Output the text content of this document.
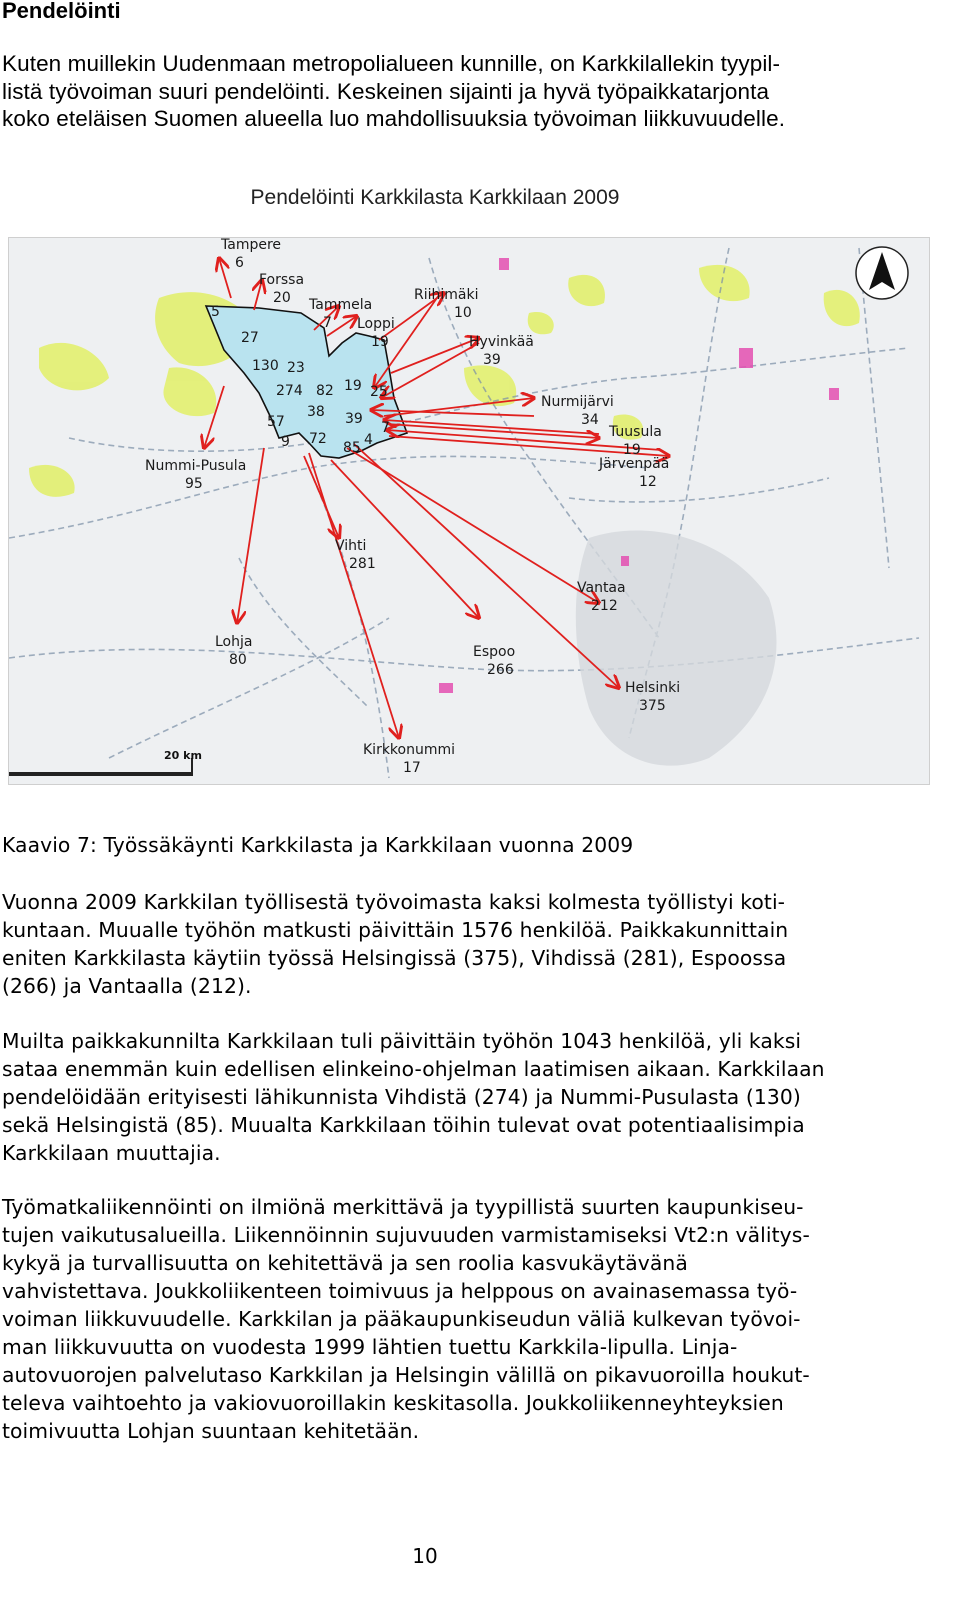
Pendelöinti

Kuten muillekin Uudenmaan metropolialueen kunnille, on Karkkilallekin tyypil-
listä työvoiman suuri pendelöinti. Keskeinen sijainti ja hyvä työpaikkatarjonta
koko eteläisen Suomen alueella luo mahdollisuuksia työvoiman liikkuvuudelle.

Pendelöinti Karkkilasta Karkkilaan 2009
Tampere
6
Forssa
20 Tammela
7 Loppi
19
Riihimäki
10
Hyvinkää
39
Nurmijärvi
34
Tuusula
19
Järvenpää
12
Nummi-Pusula
95
Vihti
281
Lohja
80	Espoo
266
Vantaa
212
Helsinki
375
Kirkkonummi
17
5
27
130 23
274 82 19 25
38 39
7
57
9 72
85 4
20 km

Kaavio 7: Työssäkäynti Karkkilasta ja Karkkilaan vuonna 2009

Vuonna 2009 Karkkilan työllisestä työvoimasta kaksi kolmesta työllistyi koti-
kuntaan. Muualle työhön matkusti päivittäin 1576 henkilöä. Paikkakunnittain
eniten Karkkilasta käytiin työssä Helsingissä (375), Vihdissä (281), Espoossa
(266) ja Vantaalla (212).

Muilta paikkakunnilta Karkkilaan tuli päivittäin työhön 1043 henkilöä, yli kaksi
sataa enemmän kuin edellisen elinkeino-ohjelman laatimisen aikaan. Karkkilaan
pendelöidään erityisesti lähikunnista Vihdistä (274) ja Nummi-Pusulasta (130)
sekä Helsingistä (85). Muualta Karkkilaan töihin tulevat ovat potentiaalisimpia
Karkkilaan muuttajia.

Työmatkaliikennöinti on ilmiönä merkittävä ja tyypillistä suurten kaupunkiseu-
tujen vaikutusalueilla. Liikennöinnin sujuvuuden varmistamiseksi Vt2:n välitys-
kykyä ja turvallisuutta on kehitettävä ja sen roolia kasvukäytävänä
vahvistettava. Joukkoliikenteen toimivuus ja helppous on avainasemassa työ-
voiman liikkuvuudelle. Karkkilan ja pääkaupunkiseudun väliä kulkevan työvoi-
man liikkuvuutta on vuodesta 1999 lähtien tuettu Karkkila-lipulla. Linja-
autovuorojen palvelutaso Karkkilan ja Helsingin välillä on pikavuoroilla houkut-
televa vaihtoehto ja vakiovuoroillakin keskitasolla. Joukkoliikenneyhteyksien
toimivuutta Lohjan suuntaan kehitetään.

10
